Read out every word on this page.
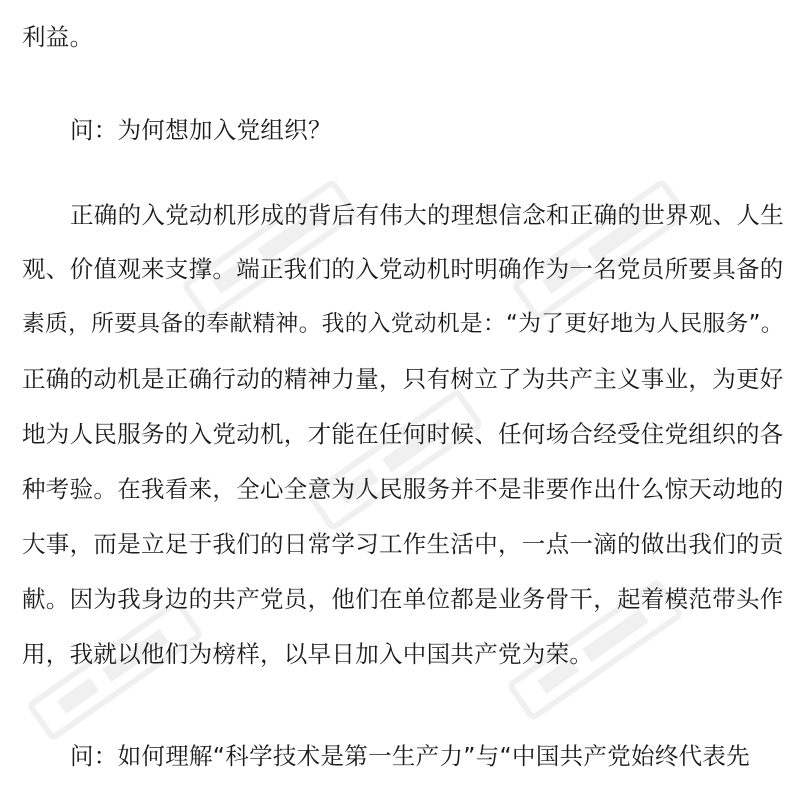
利益。
问：为何想加入党组织？
正确的入党动机形成的背后有伟大的理想信念和正确的世界观、人生
观、价值观来支撑。端正我们的入党动机时明确作为一名党员所要具备的
素质，所要具备的奉献精神。我的入党动机是：“为了更好地为人民服务”。
正确的动机是正确行动的精神力量，只有树立了为共产主义事业，为更好
地为人民服务的入党动机，才能在任何时候、任何场合经受住党组织的各
种考验。在我看来，全心全意为人民服务并不是非要作出什么惊天动地的
大事，而是立足于我们的日常学习工作生活中，一点一滴的做出我们的贡
献。因为我身边的共产党员，他们在单位都是业务骨干，起着模范带头作
用，我就以他们为榜样，以早日加入中国共产党为荣。
问：如何理解“科学技术是第一生产力”与“中国共产党始终代表先
